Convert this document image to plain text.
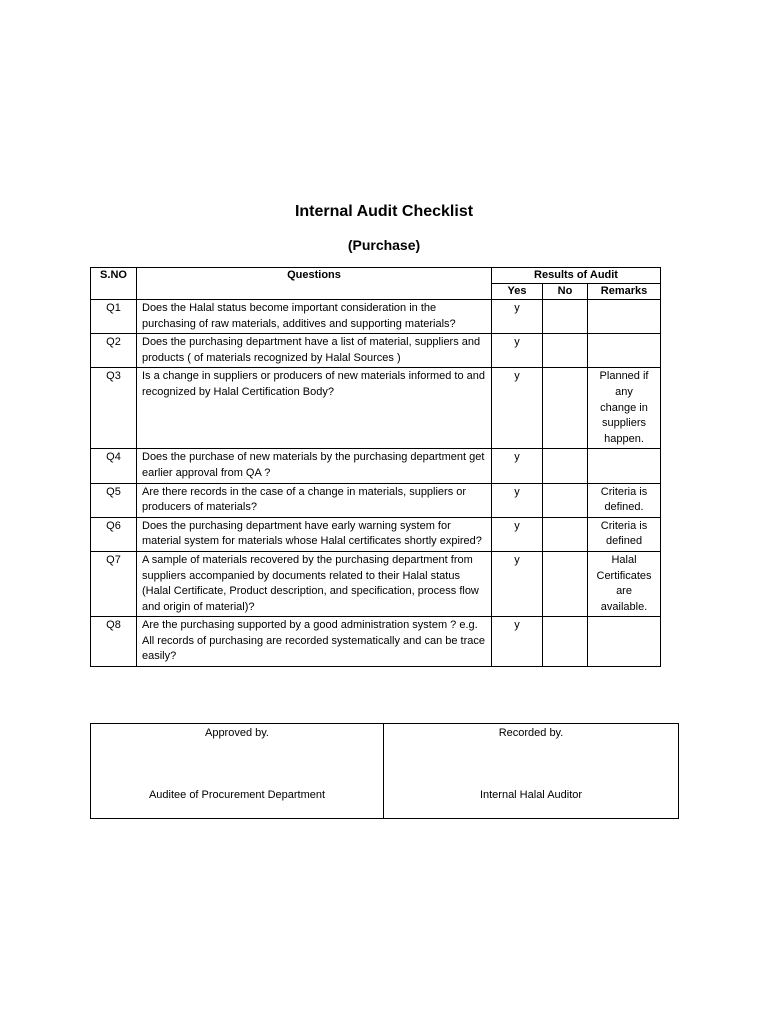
Internal Audit Checklist
(Purchase)
S.NO	Questions	Results of Audit		
		Yes	No	Remarks
Q1	Does the Halal status become important consideration in the purchasing of raw materials, additives and supporting materials?	y		
Q2	Does the purchasing department have a list of material, suppliers and products ( of materials recognized by Halal Sources )	y		
Q3	Is a change in suppliers or producers of new materials informed to and recognized by Halal Certification Body?	y		Planned if any change in suppliers happen.
Q4	Does the purchase of new materials by the purchasing department get earlier approval from QA ?	y		
Q5	Are there records in the case of a change in materials, suppliers or producers of materials?	y		Criteria is defined.
Q6	Does the purchasing department have early warning system for material system for materials whose Halal certificates shortly expired?	y		Criteria is defined
Q7	A sample of materials recovered by the purchasing department from suppliers accompanied by documents related to their Halal status (Halal Certificate, Product description, and specification, process flow and origin of material)?	y		Halal Certificates are available.
Q8	Are the purchasing supported by a good administration system ? e.g. All records of purchasing are recorded systematically and can be trace easily?	y		
Approved by.
Auditee of Procurement Department

Recorded by.
Internal Halal Auditor
